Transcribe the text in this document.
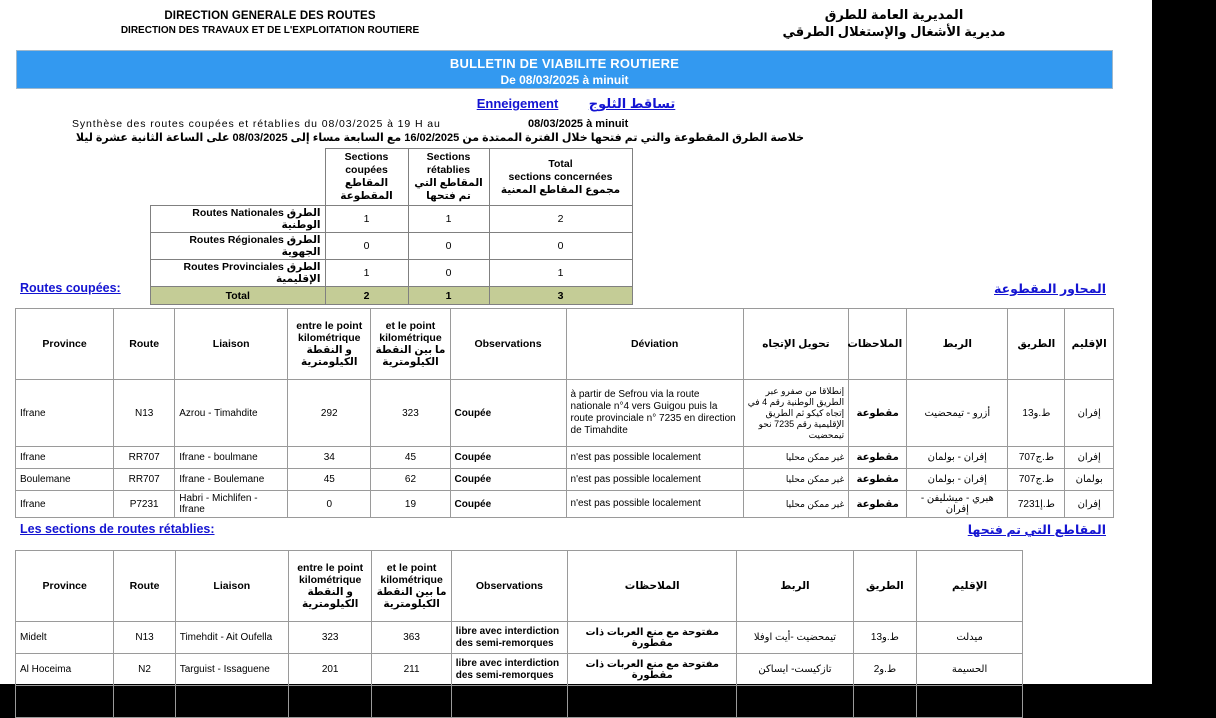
DIRECTION GENERALE DES ROUTES
DIRECTION DES TRAVAUX ET DE L'EXPLOITATION ROUTIERE
المديرية العامة للطرق
مديرية الأشغال والإستغلال الطرقي
BULLETIN DE VIABILITE ROUTIERE
De 08/03/2025 à minuit
Enneigement تساقط الثلوج
Synthèse des routes coupées et rétablies du 08/03/2025 à 19 H au	08/03/2025 à minuit
خلاصة الطرق المقطوعة والتي تم فتحها خلال الفترة الممتدة من 16/02/2025 مع السابعة مساء إلى 08/03/2025 على الساعة الثانية عشرة ليلا
	Sections
coupées
المقاطع المقطوعة	Sections
rétablies
المقاطع التي تم فتحها	Total
sections concernées
مجموع المقاطع المعنية
Routes Nationales الطرق الوطنية	1	1	2
Routes Régionales الطرق الجهوية	0	0	0
Routes Provinciales الطرق الإقليمية	1	0	1
Total	2	1	3
Routes coupées:	المحاور المقطوعة
Province	Route	Liaison	entre le point
kilométrique
و النقطة
الكيلومترية	et le point
kilométrique
ما بين النقطة
الكيلومترية	Observations	Déviation	تحويل الإتجاه	الملاحظات	الربط	الطريق	الإقليم

Ifrane	N13	Azrou - Timahdite	292	323	Coupée	à partir de Sefrou via la route nationale n°4 vers Guigou puis la route provinciale n° 7235 en direction de Timahdite	إنطلاقا من صفرو عبر الطريق الوطنية رقم 4 في إتجاه كيكو ثم الطريق الإقليمية رقم 7235 نحو تيمحضيت	مقطوعة	أزرو - تيمحضيت	ط.و13	إفران
Ifrane	RR707	Ifrane - boulmane	34	45	Coupée	n'est pas possible localement	غير ممكن محليا	مقطوعة	إفران - بولمان	ط.ج707	إفران
Boulemane	RR707	Ifrane - Boulemane	45	62	Coupée	n'est pas possible localement	غير ممكن محليا	مقطوعة	إفران - بولمان	ط.ج707	بولمان
Ifrane	P7231	Habri - Michlifen - Ifrane	0	19	Coupée	n'est pas possible localement	غير ممكن محليا	مقطوعة	هبري - ميشليفن - إفران	ط.إ7231	إفران
Les sections de routes rétablies:	المقاطع التي تم فتحها
Province	Route	Liaison	entre le point
kilométrique
و النقطة
الكيلومترية	et le point
kilométrique
ما بين النقطة
الكيلومترية	Observations	الملاحظات	الربط	الطريق	الإقليم

Midelt	N13	Timehdit - Ait Oufella	323	363	libre avec interdiction des semi-remorques	مفتوحة مع منع العربات ذات مقطورة	تيمحضيت -أيت اوفلا	ط.و13	ميدلت
Al Hoceima	N2	Targuist - Issaguene	201	211	libre avec interdiction des semi-remorques	مفتوحة مع منع العربات ذات مقطورة	تازكيست- ايساكن	ط.و2	الحسيمة
					libre avec interdiction				
